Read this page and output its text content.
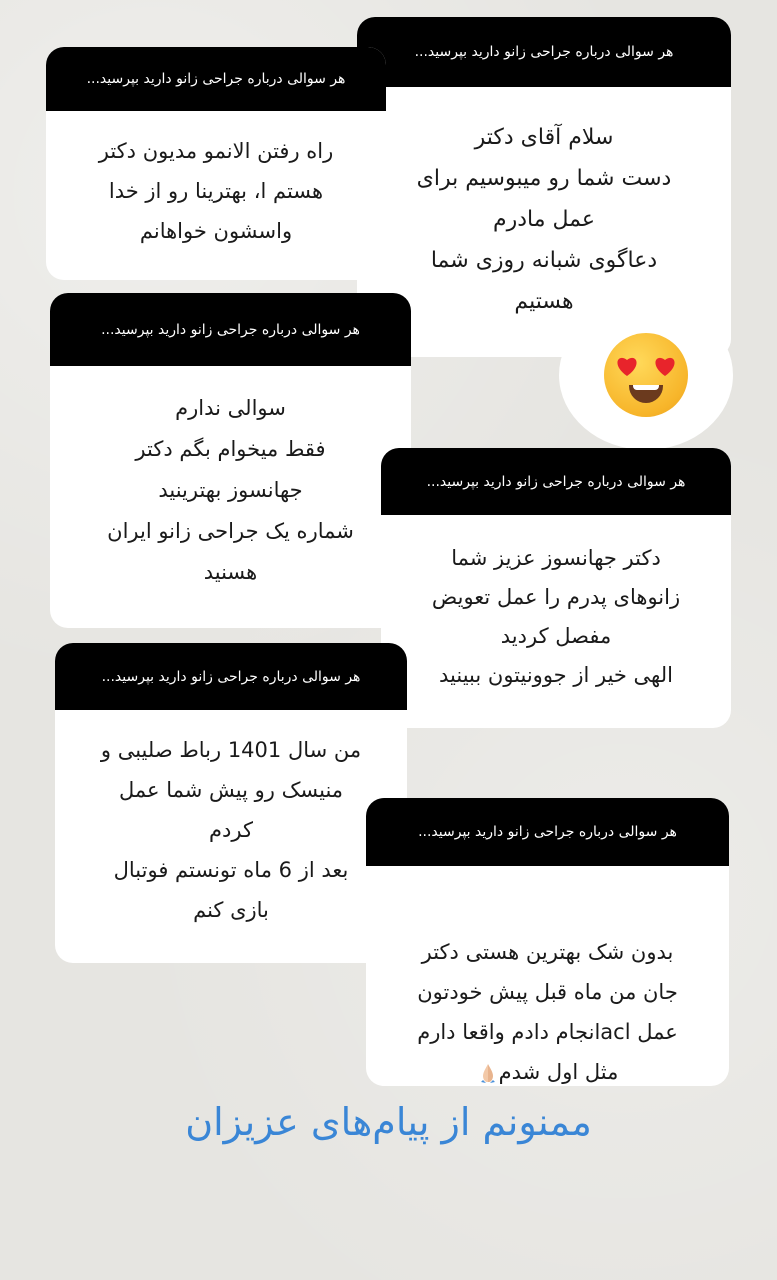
هر سوالی درباره جراحی زانو دارید بپرسید...
سلام آقای دکتر
دست شما رو میبوسیم برای
عمل مادرم
دعاگوی شبانه روزی شما
هستیم
هر سوالی درباره جراحی زانو دارید بپرسید...
راه رفتن الانمو مدیون دکتر
هستم ا، بهترینا رو از خدا
واسشون خواهانم
هر سوالی درباره جراحی زانو دارید بپرسید...
سوالی ندارم
فقط میخوام بگم دکتر
جهانسوز بهترینید
شماره یک جراحی زانو ایران
هسنید
هر سوالی درباره جراحی زانو دارید بپرسید...
دکتر جهانسوز عزیز شما
زانوهای پدرم را عمل تعویض
مفصل کردید
الهی خیر از جوونیتون ببینید
هر سوالی درباره جراحی زانو دارید بپرسید...
من سال 1401 رباط صلیبی و
منیسک رو پیش شما عمل
کردم
بعد از 6 ماه تونستم فوتبال
بازی کنم
هر سوالی درباره جراحی زانو دارید بپرسید...

بدون شک بهترین هستی دکتر
جان من ماه قبل پیش خودتون
عمل aclانجام دادم واقعا دارم
مثل اول شدم

ممنونم از پیام‌های عزیزان
